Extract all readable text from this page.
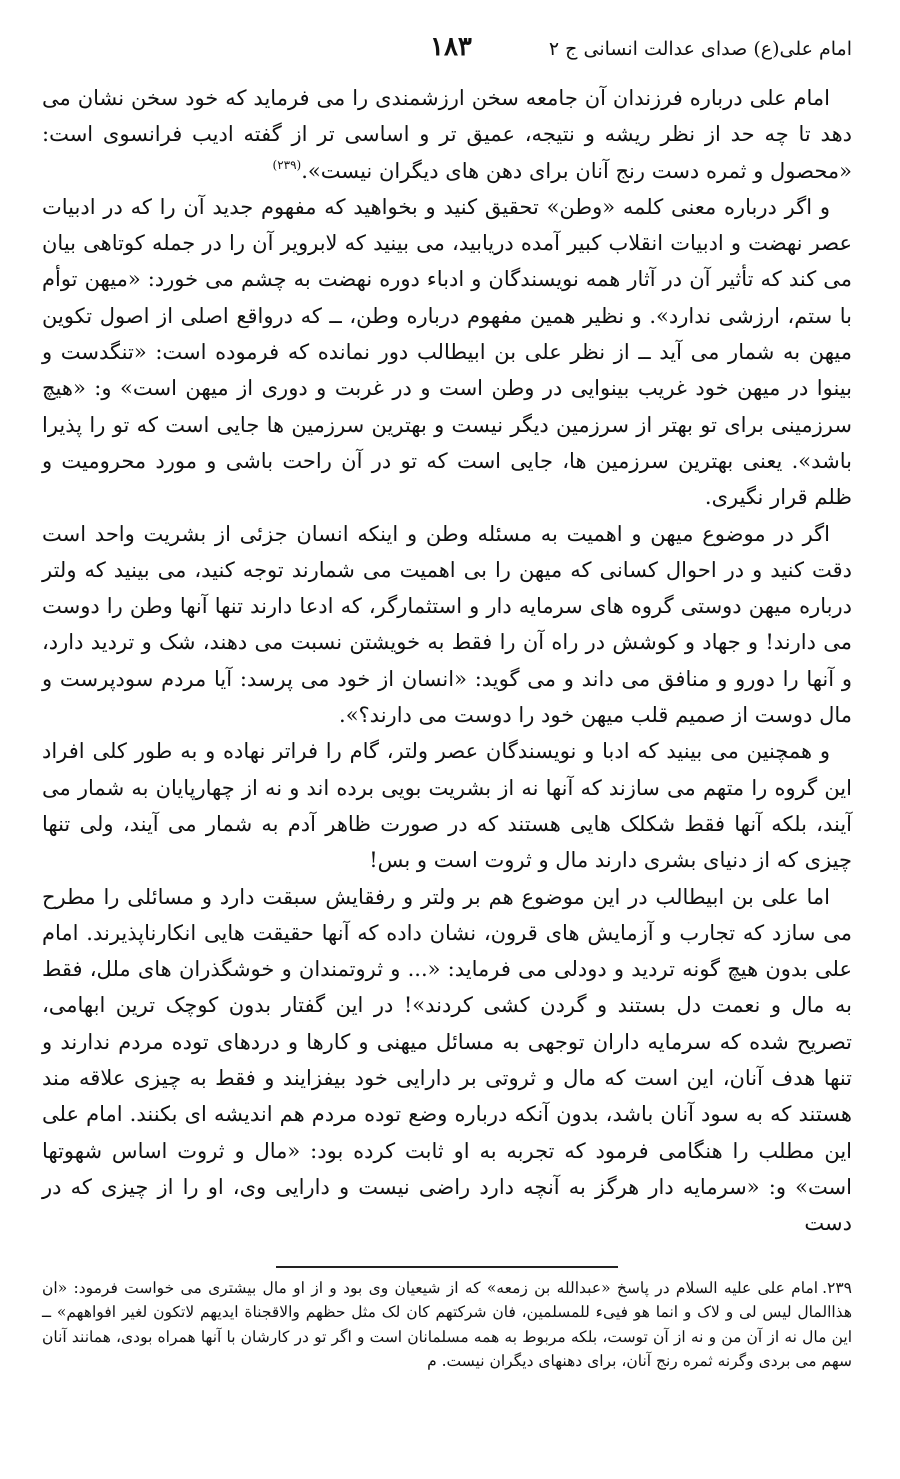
امام علی(ع) صدای عدالت انسانی ج ۲
۱۸۳

امام علی درباره فرزندان آن جامعه سخن ارزشمندی را می فرماید که خود سخن نشان می دهد تا چه حد از نظر ریشه و نتیجه، عمیق تر و اساسی تر از گفته ادیب فرانسوی است: «محصول و ثمره دست رنج آنان برای دهن های دیگران نیست».$^{(۲۳۹)}$

و اگر درباره معنی کلمه «وطن» تحقیق کنید و بخواهید که مفهوم جدید آن را که در ادبیات عصر نهضت و ادبیات انقلاب کبیر آمده دریابید، می بینید که لابرویر آن را در جمله کوتاهی بیان می کند که تأثیر آن در آثار همه نویسندگان و ادباء دوره نهضت به چشم می خورد: «میهن توأم با ستم، ارزشی ندارد». و نظیر همین مفهوم درباره وطن، ــ که درواقع اصلی از اصول تکوین میهن به شمار می آید ــ از نظر علی بن ابیطالب دور نمانده که فرموده است: «تنگدست و بینوا در میهن خود غریب بینوایی در وطن است و در غربت و دوری از میهن است» و: «هیچ سرزمینی برای تو بهتر از سرزمین دیگر نیست و بهترین سرزمین ها جایی است که تو را پذیرا باشد». یعنی بهترین سرزمین ها، جایی است که تو در آن راحت باشی و مورد محرومیت و ظلم قرار نگیری.

اگر در موضوع میهن و اهمیت به مسئله وطن و اینکه انسان جزئی از بشریت واحد است دقت کنید و در احوال کسانی که میهن را بی اهمیت می شمارند توجه کنید، می بینید که ولتر درباره میهن دوستی گروه های سرمایه دار و استثمارگر، که ادعا دارند تنها آنها وطن را دوست می دارند! و جهاد و کوشش در راه آن را فقط به خویشتن نسبت می دهند، شک و تردید دارد، و آنها را دورو و منافق می داند و می گوید: «انسان از خود می پرسد: آیا مردم سودپرست و مال دوست از صمیم قلب میهن خود را دوست می دارند؟».

و همچنین می بینید که ادبا و نویسندگان عصر ولتر، گام را فراتر نهاده و به طور کلی افراد این گروه را متهم می سازند که آنها نه از بشریت بویی برده اند و نه از چهارپایان به شمار می آیند، بلکه آنها فقط شکلک هایی هستند که در صورت ظاهر آدم به شمار می آیند، ولی تنها چیزی که از دنیای بشری دارند مال و ثروت است و بس!

اما علی بن ابیطالب در این موضوع هم بر ولتر و رفقایش سبقت دارد و مسائلی را مطرح می سازد که تجارب و آزمایش های قرون، نشان داده که آنها حقیقت هایی انکارناپذیرند. امام علی بدون هیچ گونه تردید و دودلی می فرماید: «... و ثروتمندان و خوشگذران های ملل، فقط به مال و نعمت دل بستند و گردن کشی کردند»! در این گفتار بدون کوچک ترین ابهامی، تصریح شده که سرمایه داران توجهی به مسائل میهنی و کارها و دردهای توده مردم ندارند و تنها هدف آنان، این است که مال و ثروتی بر دارایی خود بیفزایند و فقط به چیزی علاقه مند هستند که به سود آنان باشد، بدون آنکه درباره وضع توده مردم هم اندیشه ای بکنند. امام علی این مطلب را هنگامی فرمود که تجربه به او ثابت کرده بود: «مال و ثروت اساس شهوتها است» و: «سرمایه دار هرگز به آنچه دارد راضی نیست و دارایی وی، او را از چیزی که در دست

۲۳۹.امام علی علیه السلام در پاسخ «عبدالله بن زمعه» که از شیعیان وی بود و از او مال بیشتری می خواست فرمود: «ان هذاالمال لیس لی و لاک و انما هو فییء للمسلمین، فان شرکتهم کان لک مثل حظهم والاقجناة ایدیهم لاتکون لغیر افواههم» ــ این مال نه از آن من و نه از آن توست، بلکه مربوط به همه مسلمانان است و اگر تو در کارشان با آنها همراه بودی، همانند آنان سهم می بردی وگرنه ثمره رنج آنان، برای دهنهای دیگران نیست. م
